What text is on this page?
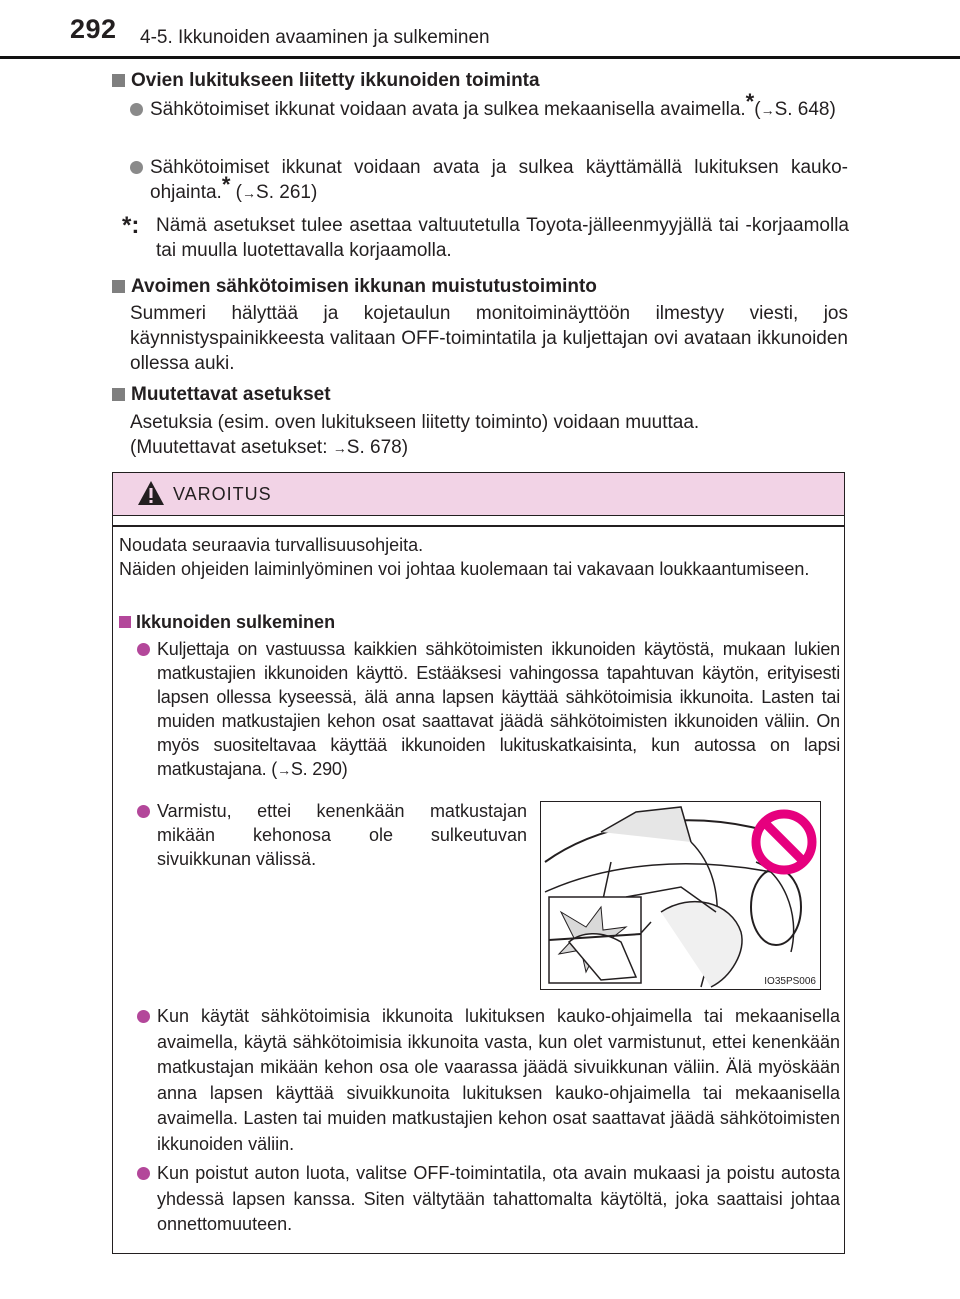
292 4-5. Ikkunoiden avaaminen ja sulkeminen
Ovien lukitukseen liitetty ikkunoiden toiminta
Sähkötoimiset ikkunat voidaan avata ja sulkea mekaanisella avaimella.*(→S. 648)
Sähkötoimiset ikkunat voidaan avata ja sulkea käyttämällä lukituksen kauko-ohjainta.* (→S. 261)
*: Nämä asetukset tulee asettaa valtuutetulla Toyota-jälleenmyyjällä tai -korjaamolla tai muulla luotettavalla korjaamolla.
Avoimen sähkötoimisen ikkunan muistutustoiminto
Summeri hälyttää ja kojetaulun monitoiminäyttöön ilmestyy viesti, jos käynnistyspainikkeesta valitaan OFF-toimintatila ja kuljettajan ovi avataan ikkunoiden ollessa auki.
Muutettavat asetukset
Asetuksia (esim. oven lukitukseen liitetty toiminto) voidaan muuttaa.
(Muutettavat asetukset: →S. 678)
VAROITUS
Noudata seuraavia turvallisuusohjeita.
Näiden ohjeiden laiminlyöminen voi johtaa kuolemaan tai vakavaan loukkaantumiseen.
Ikkunoiden sulkeminen
Kuljettaja on vastuussa kaikkien sähkötoimisten ikkunoiden käytöstä, mukaan lukien matkustajien ikkunoiden käyttö. Estääksesi vahingossa tapahtuvan käytön, erityisesti lapsen ollessa kyseessä, älä anna lapsen käyttää sähkötoimisia ikkunoita. Lasten tai muiden matkustajien kehon osat saattavat jäädä sähkötoimisten ikkunoiden väliin. On myös suositeltavaa käyttää ikkunoiden lukituskatkaisinta, kun autossa on lapsi matkustajana. (→S. 290)
Varmistu, ettei kenenkään matkustajan mikään kehonosa ole sulkeutuvan sivuikkunan välissä.
Kun käytät sähkötoimisia ikkunoita lukituksen kauko-ohjaimella tai mekaanisella avaimella, käytä sähkötoimisia ikkunoita vasta, kun olet varmistunut, ettei kenenkään matkustajan mikään kehon osa ole vaarassa jäädä sivuikkunan väliin. Älä myöskään anna lapsen käyttää sivuikkunoita lukituksen kauko-ohjaimella tai mekaanisella avaimella. Lasten tai muiden matkustajien kehon osat saattavat jäädä sähkötoimisten ikkunoiden väliin.
Kun poistut auton luota, valitse OFF-toimintatila, ota avain mukaasi ja poistu autosta yhdessä lapsen kanssa. Siten vältytään tahattomalta käytöltä, joka saattaisi johtaa onnettomuuteen.
IO35PS006
